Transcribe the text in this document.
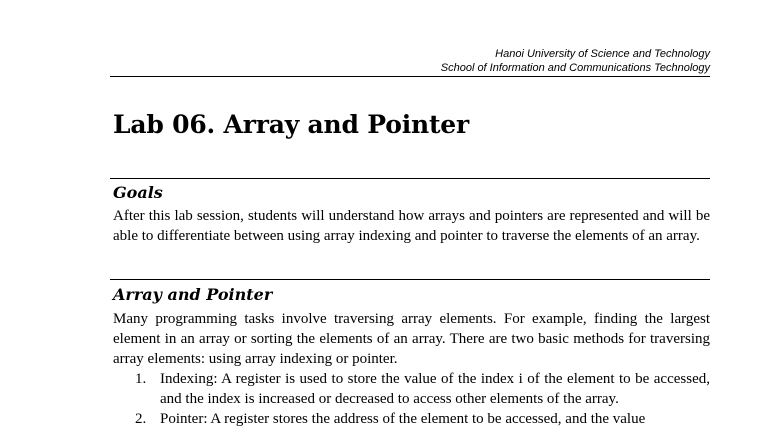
Hanoi University of Science and Technology
School of Information and Communications Technology
Lab 06. Array and Pointer
Goals

After this lab session, students will understand how arrays and pointers are represented and will be able to differentiate between using array indexing and pointer to traverse the elements of an array.

Array and Pointer

Many programming tasks involve traversing array elements. For example, finding the largest element in an array or sorting the elements of an array. There are two basic methods for traversing array elements: using array indexing or pointer.

1. Indexing: A register is used to store the value of the index i of the element to be accessed, and the index is increased or decreased to access other elements of the array.
2. Pointer: A register stores the address of the element to be accessed, and the value
